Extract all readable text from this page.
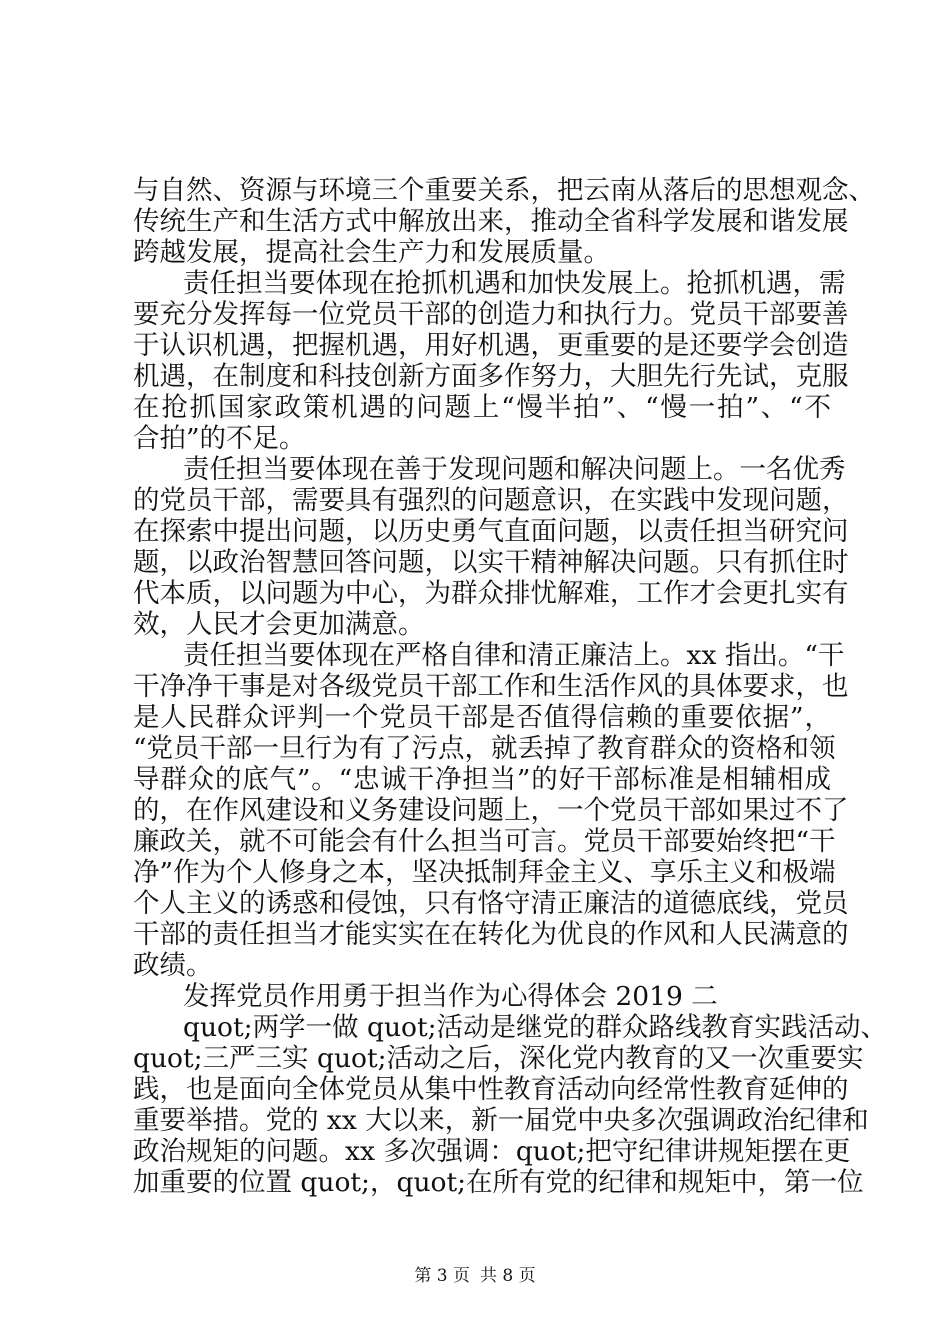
与自然、资源与环境三个重要关系，把云南从落后的思想观念、
传统生产和生活方式中解放出来，推动全省科学发展和谐发展
跨越发展，提高社会生产力和发展质量。
责任担当要体现在抢抓机遇和加快发展上。抢抓机遇，需
要充分发挥每一位党员干部的创造力和执行力。党员干部要善
于认识机遇，把握机遇，用好机遇，更重要的是还要学会创造
机遇，在制度和科技创新方面多作努力，大胆先行先试，克服
在抢抓国家政策机遇的问题上“慢半拍”、“慢一拍”、“不
合拍”的不足。
责任担当要体现在善于发现问题和解决问题上。一名优秀
的党员干部，需要具有强烈的问题意识，在实践中发现问题，
在探索中提出问题，以历史勇气直面问题，以责任担当研究问
题，以政治智慧回答问题，以实干精神解决问题。只有抓住时
代本质，以问题为中心，为群众排忧解难，工作才会更扎实有
效，人民才会更加满意。
责任担当要体现在严格自律和清正廉洁上。xx 指出。“干
干净净干事是对各级党员干部工作和生活作风的具体要求，也
是人民群众评判一个党员干部是否值得信赖的重要依据”，
“党员干部一旦行为有了污点，就丢掉了教育群众的资格和领
导群众的底气”。“忠诚干净担当”的好干部标准是相辅相成
的，在作风建设和义务建设问题上，一个党员干部如果过不了
廉政关，就不可能会有什么担当可言。党员干部要始终把“干
净”作为个人修身之本，坚决抵制拜金主义、享乐主义和极端
个人主义的诱惑和侵蚀，只有恪守清正廉洁的道德底线，党员
干部的责任担当才能实实在在转化为优良的作风和人民满意的
政绩。
发挥党员作用勇于担当作为心得体会 2019 二
quot;两学一做 quot;活动是继党的群众路线教育实践活动、
quot;三严三实 quot;活动之后，深化党内教育的又一次重要实
践，也是面向全体党员从集中性教育活动向经常性教育延伸的
重要举措。党的 xx 大以来，新一届党中央多次强调政治纪律和
政治规矩的问题。xx 多次强调：quot;把守纪律讲规矩摆在更
加重要的位置 quot;，quot;在所有党的纪律和规矩中，第一位
第 3 页 共 8 页
